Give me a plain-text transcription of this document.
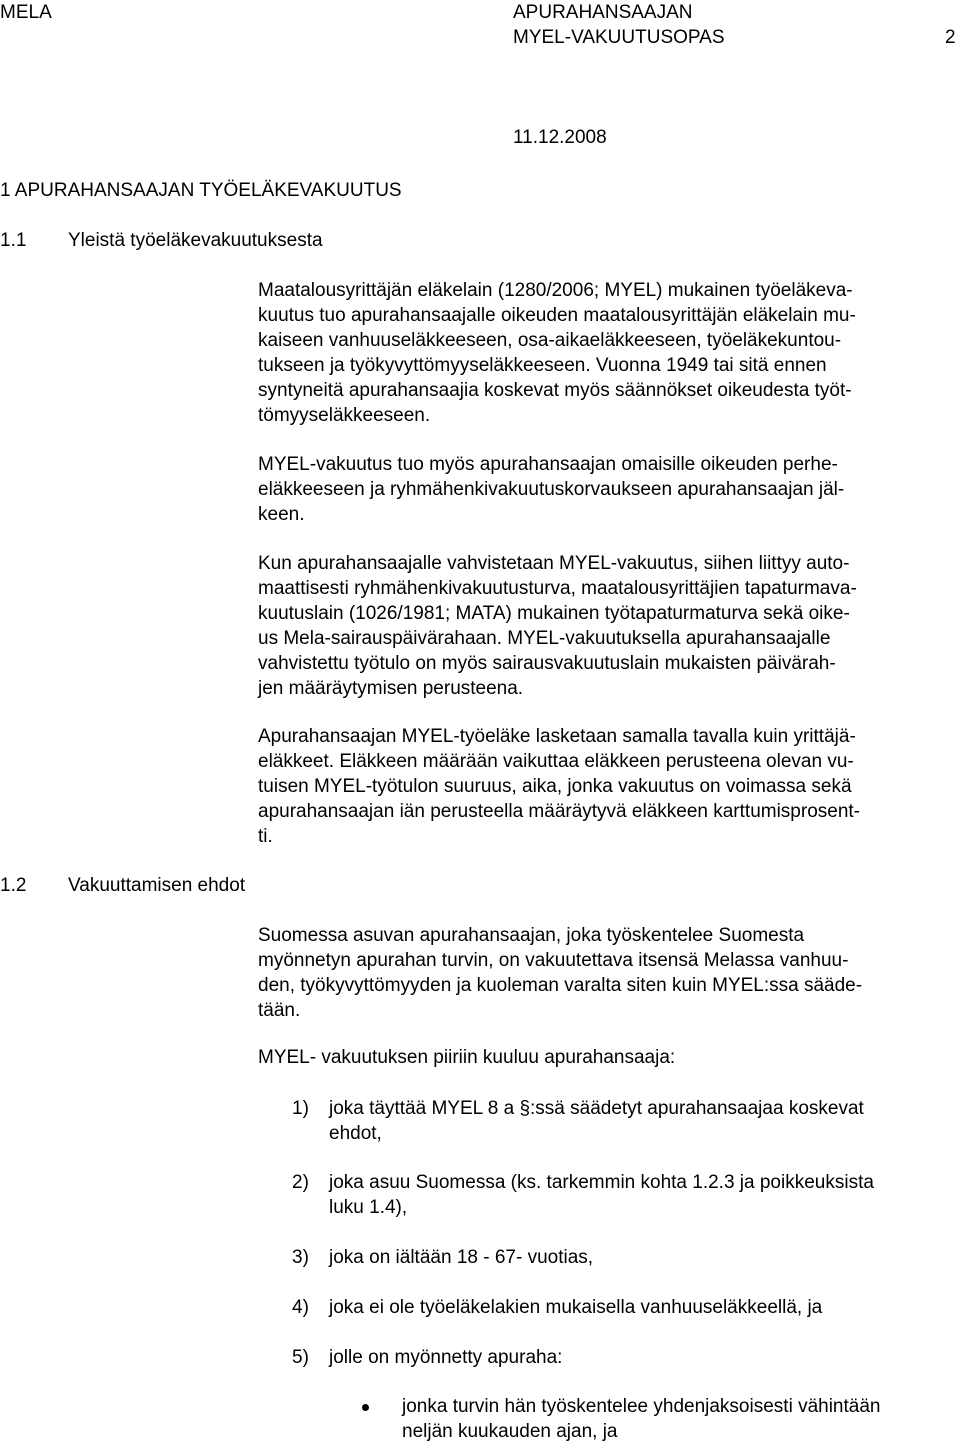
MELA	APURAHANSAAJAN
MYEL-VAKUUTUSOPAS	2
11.12.2008
1 APURAHANSAAJAN TYÖELÄKEVAKUUTUS
1.1 Yleistä työeläkevakuutuksesta
Maatalousyrittäjän eläkelain (1280/2006; MYEL) mukainen työeläkeva-
kuutus tuo apurahansaajalle oikeuden maatalousyrittäjän eläkelain mu-
kaiseen vanhuuseläkkeeseen, osa-aikaeläkkeeseen, työeläkekuntou-
tukseen ja työkyvyttömyyseläkkeeseen. Vuonna 1949 tai sitä ennen
syntyneitä apurahansaajia koskevat myös säännökset oikeudesta työt-
tömyyseläkkeeseen.
MYEL-vakuutus tuo myös apurahansaajan omaisille oikeuden perhe-
eläkkeeseen ja ryhmähenkivakuutuskorvaukseen apurahansaajan jäl-
keen.
Kun apurahansaajalle vahvistetaan MYEL-vakuutus, siihen liittyy auto-
maattisesti ryhmähenkivakuutusturva, maatalousyrittäjien tapaturmava-
kuutuslain (1026/1981; MATA) mukainen työtapaturmaturva sekä oike-
us Mela-sairauspäivärahaan. MYEL-vakuutuksella apurahansaajalle
vahvistettu työtulo on myös sairausvakuutuslain mukaisten päivärah-
jen määräytymisen perusteena.
Apurahansaajan MYEL-työeläke lasketaan samalla tavalla kuin yrittäjä-
eläkkeet. Eläkkeen määrään vaikuttaa eläkkeen perusteena olevan vu-
tuisen MYEL-työtulon suuruus, aika, jonka vakuutus on voimassa sekä
apurahansaajan iän perusteella määräytyvä eläkkeen karttumisprosent-
ti.
1.2 Vakuuttamisen ehdot
Suomessa asuvan apurahansaajan, joka työskentelee Suomesta
myönnetyn apurahan turvin, on vakuutettava itsensä Melassa vanhuu-
den, työkyvyttömyyden ja kuoleman varalta siten kuin MYEL:ssa säädе-
tään.
MYEL- vakuutuksen piiriin kuuluu apurahansaaja:
1) joka täyttää MYEL 8 a §:ssä säädetyt apurahansaajaa koskevat
ehdot,
2) joka asuu Suomessa (ks. tarkemmin kohta 1.2.3 ja poikkeuksista
luku 1.4),
3) joka on iältään 18 - 67- vuotias,
4) joka ei ole työeläkelakien mukaisella vanhuuseläkkeellä, ja
5) jolle on myönnetty apuraha:
jonka turvin hän työskentelee yhdenjaksoisesti vähintään
neljän kuukauden ajan, ja
